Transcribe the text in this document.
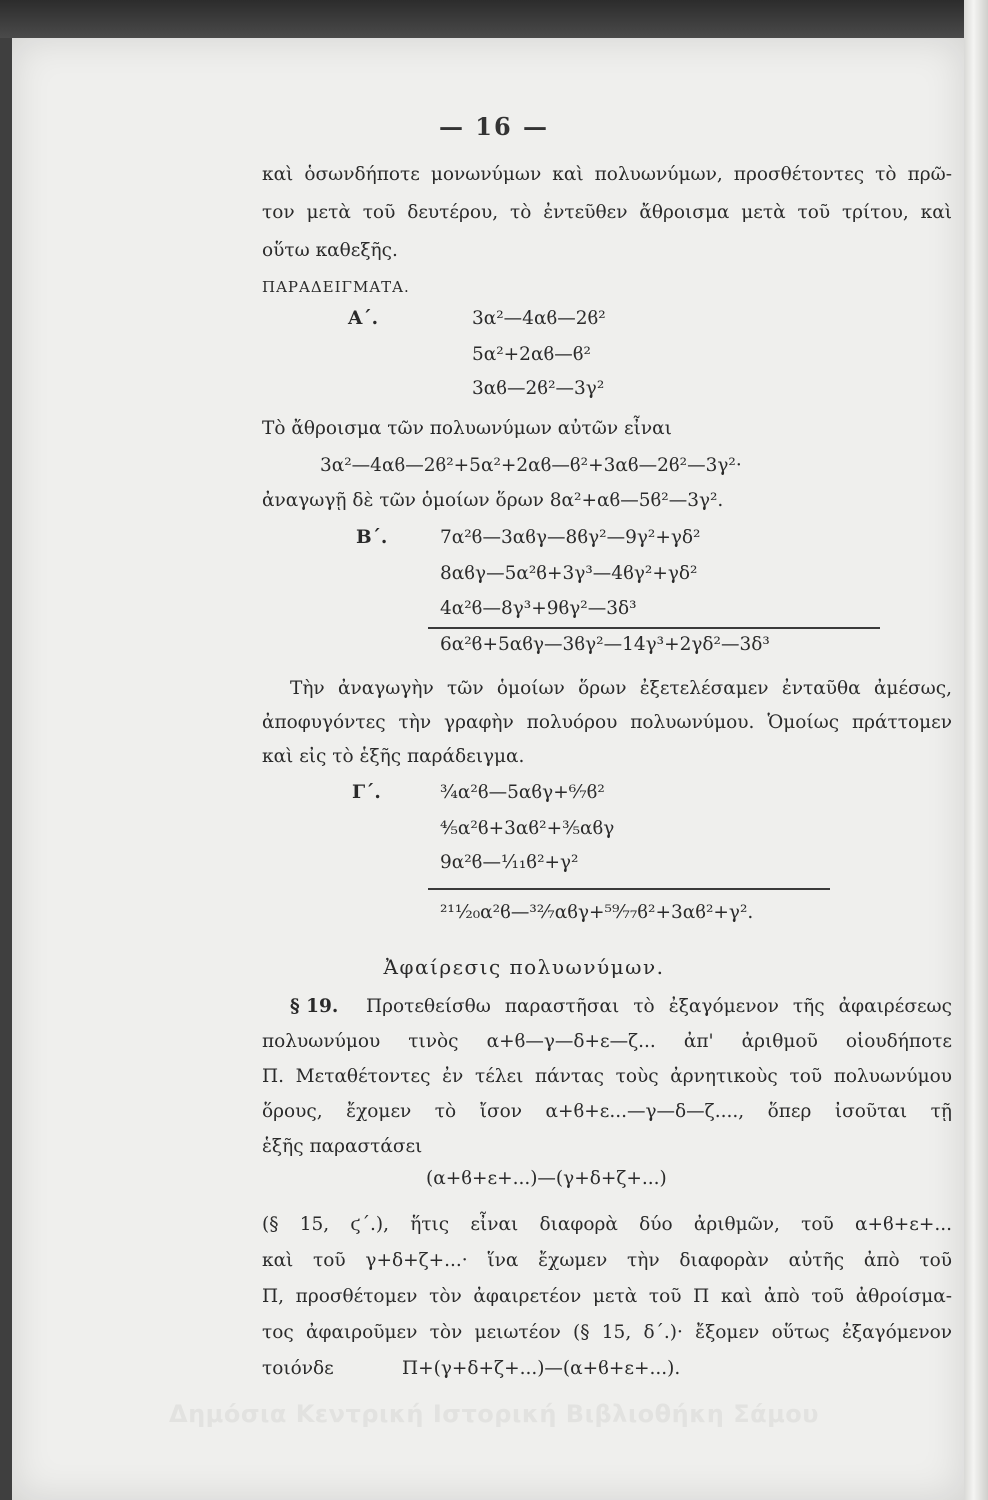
— 16 —
καὶ ὁσωνδήποτε μονωνύμων καὶ πολυωνύμων, προσθέτοντες τὸ πρῶ-
τον μετὰ τοῦ δευτέρου, τὸ ἐντεῦθεν ἄθροισμα μετὰ τοῦ τρίτου, καὶ
οὕτω καθεξῆς.
ΠΑΡΑΔΕΙΓΜΑΤΑ.
Α΄.	3α²—4αϐ—2ϐ²
5α²+2αϐ—ϐ²
3αϐ—2ϐ²—3γ²
Τὸ ἄθροισμα τῶν πολυωνύμων αὐτῶν εἶναι
3α²—4αϐ—2ϐ²+5α²+2αϐ—ϐ²+3αϐ—2ϐ²—3γ²·
ἀναγωγῇ δὲ τῶν ὁμοίων ὅρων 8α²+αϐ—5ϐ²—3γ².
Β΄.	7α²ϐ—3αϐγ—8ϐγ²—9γ²+γδ²
8αϐγ—5α²ϐ+3γ³—4ϐγ²+γδ²
4α²ϐ—8γ³+9ϐγ²—3δ³
6α²ϐ+5αϐγ—3ϐγ²—14γ³+2γδ²—3δ³
Τὴν ἀναγωγὴν τῶν ὁμοίων ὅρων ἐξετελέσαμεν ἐνταῦθα ἀμέσως,
ἀποφυγόντες τὴν γραφὴν πολυόρου πολυωνύμου. Ὁμοίως πράττομεν
καὶ εἰς τὸ ἑξῆς παράδειγμα.
Γ΄.	³⁄₄α²ϐ—5αϐγ+⁶⁄₇ϐ²
⁴⁄₅α²ϐ+3αϐ²+³⁄₅αϐγ
9α²ϐ—¹⁄₁₁ϐ²+γ²
²¹¹⁄₂₀α²ϐ—³²⁄₇αϐγ+⁵⁹⁄₇₇ϐ²+3αϐ²+γ².
Ἀφαίρεσις πολυωνύμων.
§ 19.	Προτεθείσθω παραστῆσαι τὸ ἐξαγόμενον τῆς ἀφαιρέσεως
πολυωνύμου τινὸς α+ϐ—γ—δ+ε—ζ... ἀπ' ἀριθμοῦ οἱουδήποτε
Π. Μεταθέτοντες ἐν τέλει πάντας τοὺς ἀρνητικοὺς τοῦ πολυωνύμου
ὅρους, ἔχομεν τὸ ἴσον α+ϐ+ε...—γ—δ—ζ...., ὅπερ ἰσοῦται τῇ
ἑξῆς παραστάσει
(α+ϐ+ε+...)—(γ+δ+ζ+...)
(§ 15, ϛ΄.), ἥτις εἶναι διαφορὰ δύο ἀριθμῶν, τοῦ α+ϐ+ε+...
καὶ τοῦ γ+δ+ζ+...· ἵνα ἔχωμεν τὴν διαφορὰν αὐτῆς ἀπὸ τοῦ
Π, προσθέτομεν τὸν ἀφαιρετέον μετὰ τοῦ Π καὶ ἀπὸ τοῦ ἀθροίσμα-
τος ἀφαιροῦμεν τὸν μειωτέον (§ 15, δ΄.)· ἔξομεν οὕτως ἐξαγόμενον
τοιόνδε	Π+(γ+δ+ζ+...)—(α+ϐ+ε+...).
Δημόσια Κεντρική Ιστορική Βιβλιοθήκη Σάμου
